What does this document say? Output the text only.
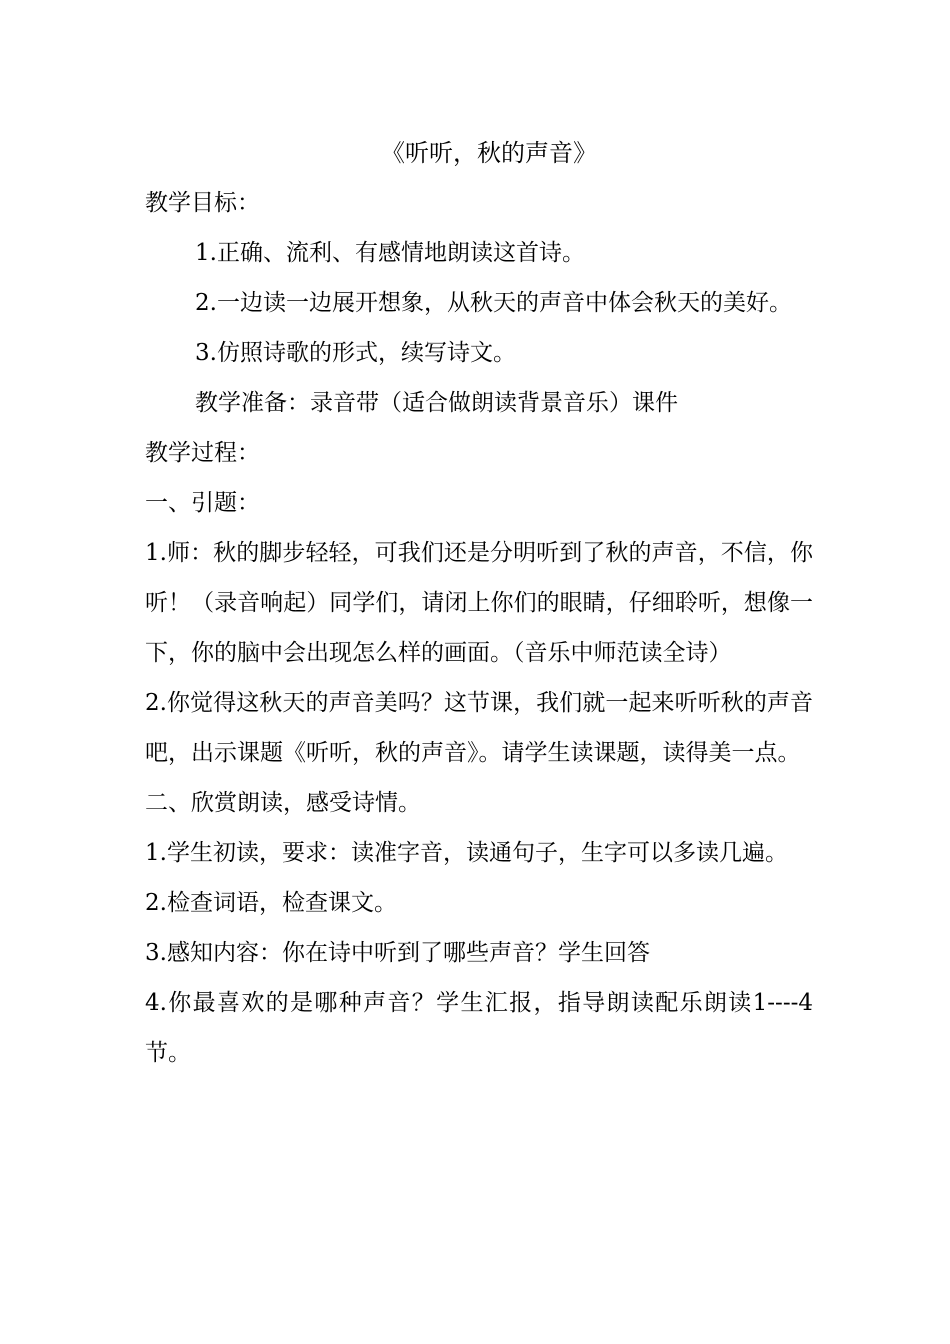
《听听，秋的声音》

教学目标：

1.正确、流利、有感情地朗读这首诗。

2.一边读一边展开想象，从秋天的声音中体会秋天的美好。

3.仿照诗歌的形式，续写诗文。

教学准备：录音带（适合做朗读背景音乐）课件

教学过程：

一、引题：

1.师：秋的脚步轻轻，可我们还是分明听到了秋的声音，不信，你听！（录音响起）同学们，请闭上你们的眼睛，仔细聆听，想像一下，你的脑中会出现怎么样的画面。（音乐中师范读全诗）

2.你觉得这秋天的声音美吗？这节课，我们就一起来听听秋的声音吧，出示课题《听听，秋的声音》。请学生读课题，读得美一点。

二、欣赏朗读，感受诗情。

1.学生初读，要求：读准字音，读通句子，生字可以多读几遍。

2.检查词语，检查课文。

3.感知内容：你在诗中听到了哪些声音？学生回答

4.你最喜欢的是哪种声音？学生汇报，指导朗读配乐朗读1----4节。
